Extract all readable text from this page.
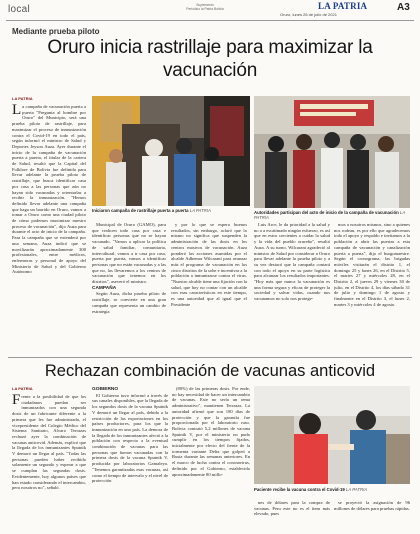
local	Suplemento
Periódico la Patria Bolivia	LA PATRIA
Oruro, lunes 26 de julio de 2021
A3
Mediante prueba piloto
Oruro inicia rastrillaje para maximizar la vacunación
LA PATRIA

La campaña de vacunación puerta a puerta "Pregunta al hombre por Oruro" del Municipio, será una prueba piloto de rastrillaje, para maximizar el proceso de inmunización contra el Covid-19 en todo el país, según informó el ministro de Salud y Deportes Jeyson Auza. Ayer durante el inicio de la campaña de vacunación puerta a puerta, el titular de la cartera de Salud, resaltó que la Capital del Folklore de Bolivia fue definida para llevar adelante la prueba piloto de rastrillaje, que busca identificar casa por casa a las personas que aún no hayan sido vacunadas y orientarlas a recibir la inmunización. "Hemos definido llevar adelante una campaña que haga un barrido en Oruro, vamos a tomar a Oruro como una ciudad piloto de cómo podemos maximizar nuestro proceso de vacunación", dijo Auza para durante el acto de inicio de la campaña. Para la campaña que se extenderá por una semana, Auza indicó que se movilizarán aproximadamente 300 profesionales, entre médicos, enfermeras y personal de apoyo del Ministerio de Salud y del Gobierno Autónomo

Iniciaron campaña de rastrillaje puerta a puerta LA PATRIA	Autoridades participan del acto de inicio de la campaña de vacunación LA PATRIA

Municipal de Oruro (GAMO), para que realicen todo casa por casa e identificar personas que no se hayan vacunado. "Vamos a aplicar la política de salud familiar, comunitaria, intercultural, vamos a ir casa por casa, puerta por puerta, vamos a identificar personas que no están vacunadas y a las que no, las llevaremos a los centros de vacunación que tenemos en los distritos", aseveró el ministro.

CAMPAÑA

Según Auza, dicha prueba piloto de rastrillaje, se convierte en una gran campaña que representa un cambio de estrategia

y por lo que se espera buenos resultados, sin embargo, aclaró que lo mismo no significa que suspenden la administración de las dosis en los centros masivos de vacunación. Auza ponderó las acciones asumidas por el alcalde Adhemar Wilcarani para avanzar más el programa de vacunación en los cinco distritos de la urbe e incentivar a la población a inmunizarse contra el virus. "Nuestro alcalde tiene una fijación con la salud, que hoy no contar con un alcalde con esas características en este tiempo, es una autoridad que al igual que el Presidente

Luis Arce, le da prioridad a la salud y no a a escatimado ningún esfuerzo, es así que en estos crecientes a cuidar la salud y la vida del pueblo orureño", resaltó Auza. A su turno, Wilcarani agradeció al ministro de Salud por considerar a Oruro para llevar adelante la prueba piloto y a su vez destacó que la campaña contará con todo el apoyo en su parte logística para alcanzar los resultados importantes. "Hoy más que nunca la vacunación es una forma segura y eficaz de proteger la sociedad y salvar vidas, cuando nos vacunamos no solo nos protege-

mos a nosotros mismos, sino a quienes nos rodean, es por ello que agradecemos todo el apoyo y respaldo e invitamos a la población a abrir las puertas a esta campaña de vacunación y canalización puerta a puerta", dijo el burgomaestre. Según el cronograma, las brigadas móviles visitarán el distrito 1, el domingo 25 y lunes 26, en el Distrito 5, el martes 27 y miércoles 28, en el Distrito 2, el jueves 29 y viernes 30 de julio, en el Distrito 4, los días sábado 31 de julio y domingo 1 de agosto y finalmente en el Distrito 3, el lunes 2, martes 3 y miércoles 4 de agosto.

Rechazan combinación de vacunas anticovid
LA PATRIA

Frente a la posibilidad de que los ciudadanos puedan ser inmunizados con una segunda dosis de un fabricante diferente a la primera que les fue administrada, el vicepresidente del Colegio Médico del Sistema Sanitario, Alvaro Terrazas rechazó ayer la combinación de vacunas anticovid. Además, explicó que la llegada de los inmunizantes Sputnik V demoró un llegar al país. "Todas las personas pueden haber recibido solamente un segundo y esperar a que se cumplan las segundas dosis. Evidentemente, hoy algunos países que han estado considerando el intercambio, pero nosotros no", señaló.

GOBIERNO

El Gobierno tuvo informó a través de sus canales disponibles, que la llegada de los segundos dosis de la vacuna Sputnik V demoró un llegar al país, debido a la restricción de las exportaciones en los países productores, para los que la inmunización en uno país. La demora de la llegada de los inmunizantes afectó a la población con respecto a la eventual combinación de vacunas para las personas que fueron vacunadas con la primera dosis de la vacuna Sputnik V, producida por laboratorios Gamaleya. "Tenemos garantizadas esas vacunas, así como el tiempo de intervalo y el nivel de protección

(80%) de las primeras dosis. Por ende, no hay necesidad de hacer un intercambio de vacunas. Este no sería un tema administrativo", mantienen Terrazas. La autoridad afirmó que son 180 días de protección y que la garantía fue proporcionada por el laboratorio ruso. Bolivia contrató 5,2 millones de vacuna Sputnik V, por el ministerio no pudo cumplir en los tiempos fijados, inicialmente por efecto del frente de la tormenta variante Delta que golpeó a Rusia durante las semanas anteriores. En el marco de lucha contra el coronavirus, definido por el Gobierno, establecido aproximadamente 80 millo-

Paciente recibe la vacuna contra el Covid-19 LA PATRIA

nes de dólares para la compra de vacunas. Pero este no es el ítem más elevado, pues

se proyectó la asignación de 96 millones de dólares para pruebas rápidas.
